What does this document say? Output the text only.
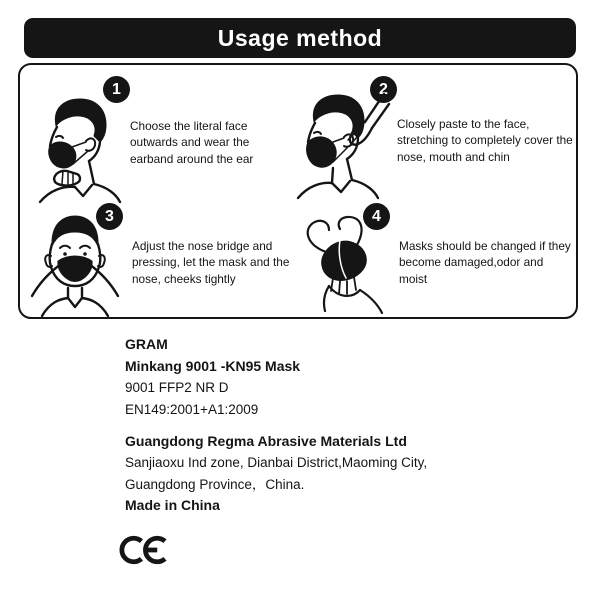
Usage method
1	2
3	4
Choose the literal face outwards and wear the earband around the ear
Closely paste to the face, stretching to completely cover the nose, mouth and chin
Adjust the nose bridge and pressing, let the mask and the nose, cheeks tightly
Masks should be changed if they become damaged,odor and moist

GRAM

Minkang 9001 -KN95 Mask

9001 FFP2 NR D

EN149:2001+A1:2009

Guangdong Regma Abrasive Materials Ltd

Sanjiaoxu Ind zone, Dianbai District,Maoming City,

Guangdong Province，China.

Made in China
